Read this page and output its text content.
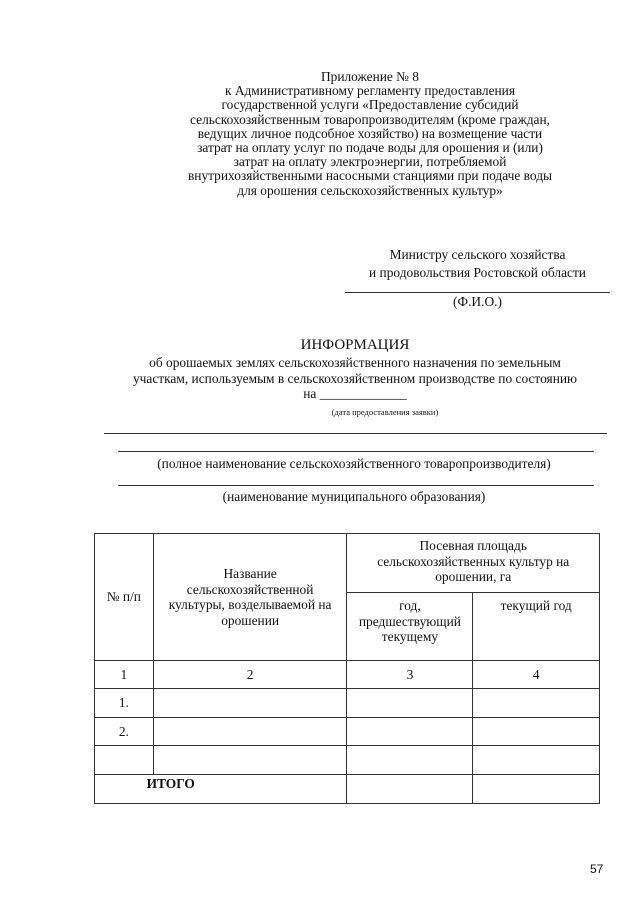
Приложение № 8
к Административному регламенту предоставления
государственной услуги «Предоставление субсидий
сельскохозяйственным товаропроизводителям (кроме граждан,
ведущих личное подсобное хозяйство) на возмещение части
затрат на оплату услуг по подаче воды для орошения и (или)
затрат на оплату электроэнергии, потребляемой
внутрихозяйственными насосными станциями при подаче воды
для орошения сельскохозяйственных культур»
Министру сельского хозяйства
и продовольствия Ростовской области
(Ф.И.О.)
ИНФОРМАЦИЯ
об орошаемых землях сельскохозяйственного назначения по земельным
участкам, используемым в сельскохозяйственном производстве по состоянию
на _____________
(дата предоставления заявки)
(полное наименование сельскохозяйственного товаропроизводителя)
(наименование муниципального образования)
№ п/п	Название сельскохозяйственной культуры, возделываемой на орошении	Посевная площадь сельскохозяйственных культур на орошении, га	
		год, предшествующий текущему	текущий год
1	2	3	4
1.			
2.			

ИТОГО			
57
